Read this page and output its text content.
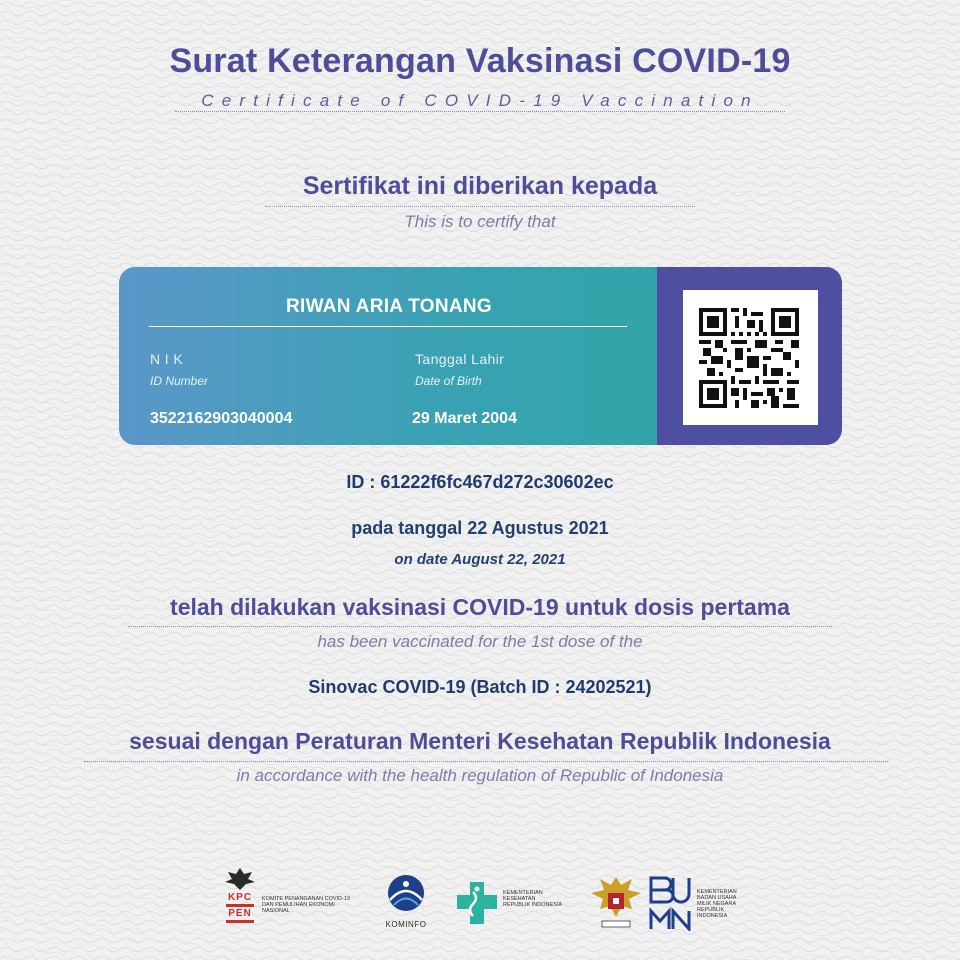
Surat Keterangan Vaksinasi COVID-19
Certificate of COVID-19 Vaccination
Sertifikat ini diberikan kepada
This is to certify that
RIWAN ARIA TONANG
N I K
ID Number
3522162903040004
Tanggal Lahir
Date of Birth
29 Maret 2004
ID : 61222f6fc467d272c30602ec
pada tanggal 22 Agustus 2021
on date August 22, 2021
telah dilakukan vaksinasi COVID-19 untuk dosis pertama
has been vaccinated for the 1st dose of the
Sinovac COVID-19 (Batch ID : 24202521)
sesuai dengan Peraturan Menteri Kesehatan Republik Indonesia
in accordance with the health regulation of Republic of Indonesia
KPC
PEN
KOMITE PENANGANAN COVID-19 DAN PEMULIHAN EKONOMI NASIONAL
KOMINFO
KEMENTERIAN KESEHATAN REPUBLIK INDONESIA
KEMENTERIAN BADAN USAHA MILIK NEGARA REPUBLIK INDONESIA
